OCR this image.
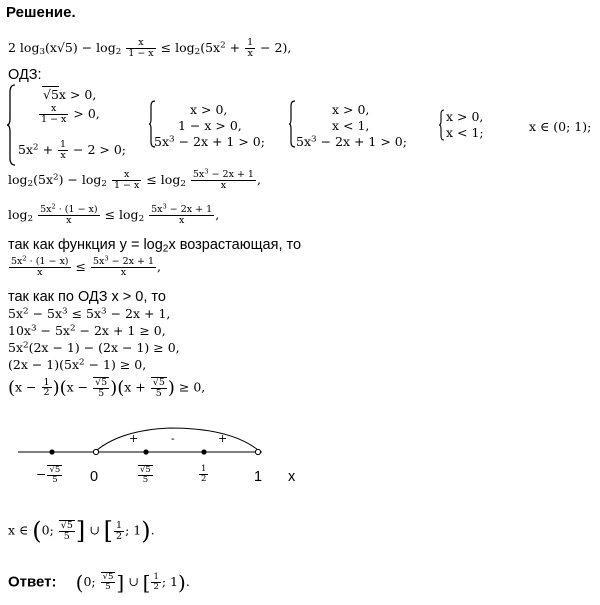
Решение.
2 $\log_3(x√5) - \log_2 \frac{x}{1 - x} \le \log_2(5x^2 + \frac{1}{x} - 2)$,
ОДЗ:
√5x > 0,
$\frac{x}{1 - x} > 0$,
$5x^2 + \frac{1}{x} - 2 > 0$;
x > 0,
1 − x > 0,
$5x^3 - 2x + 1 > 0$;
x > 0,
x < 1,
$5x^3 - 2x + 1 > 0$;
x > 0,
x < 1;	x ∈ (0; 1);
$\log_2(5x^2) - \log_2 \frac{x}{1 - x} \le \log_2 \frac{5x^3 - 2x + 1}{x}$ ,
$\log_2 \frac{5x^2 \cdot (1 - x)}{x} \le \log_2 \frac{5x^3 - 2x + 1}{x}$ ,
так как функция $y = \log_2x$ возрастающая, то
$\frac{5x^2 \cdot (1 - x)}{x} \le \frac{5x^3 - 2x + 1}{x}$ ,
так как по ОДЗ x > 0, то
$5x^2 - 5x^3 \le 5x^3 - 2x + 1$,
$10x^3 - 5x^2 - 2x + 1 \ge 0$,
$5x^2(2x - 1) - (2x - 1) \ge 0$,
$(2x - 1)(5x^2 - 1) \ge 0$,
$(x - \frac{1}{2} )(x - \frac{√5}{5} )(x + \frac{√5}{5}$ ) ≥ 0,
+	-	+
− $\frac{√5}{5} 0$	$\frac{√5}{5}$	$\frac{1}{2}$	1 x
x ∈ (0; $\frac{√5}{5}$ ] ∪ [ $\frac{1}{2}$ ; 1).
Ответ: (0; $\frac{√5}{5}$ ] ∪ [ $\frac{1}{2}$ ; 1).
